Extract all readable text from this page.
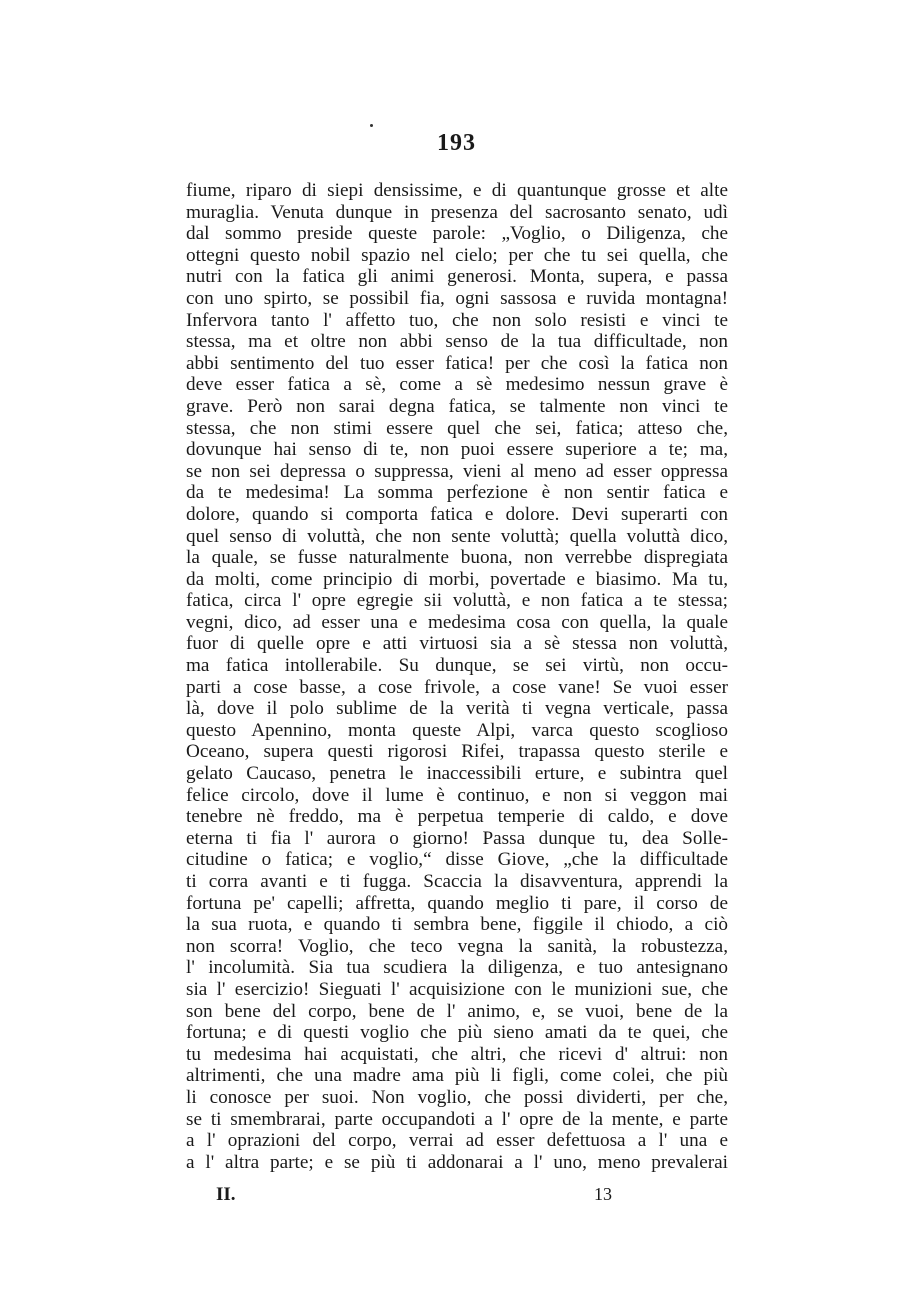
193
fiume, riparo di siepi densissime, e di quantunque grosse et alte
muraglia. Venuta dunque in presenza del sacrosanto senato, udì
dal sommo preside queste parole: „Voglio, o Diligenza, che
ottegni questo nobil spazio nel cielo; per che tu sei quella, che
nutri con la fatica gli animi generosi. Monta, supera, e passa
con uno spirto, se possibil fia, ogni sassosa e ruvida montagna!
Infervora tanto l' affetto tuo, che non solo resisti e vinci te
stessa, ma et oltre non abbi senso de la tua difficultade, non
abbi sentimento del tuo esser fatica! per che così la fatica non
deve esser fatica a sè, come a sè medesimo nessun grave è
grave. Però non sarai degna fatica, se talmente non vinci te
stessa, che non stimi essere quel che sei, fatica; atteso che,
dovunque hai senso di te, non puoi essere superiore a te; ma,
se non sei depressa o suppressa, vieni al meno ad esser oppressa
da te medesima! La somma perfezione è non sentir fatica e
dolore, quando si comporta fatica e dolore. Devi superarti con
quel senso di voluttà, che non sente voluttà; quella voluttà dico,
la quale, se fusse naturalmente buona, non verrebbe dispregiata
da molti, come principio di morbi, povertade e biasimo. Ma tu,
fatica, circa l' opre egregie sii voluttà, e non fatica a te stessa;
vegni, dico, ad esser una e medesima cosa con quella, la quale
fuor di quelle opre e atti virtuosi sia a sè stessa non voluttà,
ma fatica intollerabile. Su dunque, se sei virtù, non occu-
parti a cose basse, a cose frivole, a cose vane! Se vuoi esser
là, dove il polo sublime de la verità ti vegna verticale, passa
questo Apennino, monta queste Alpi, varca questo scoglioso
Oceano, supera questi rigorosi Rifei, trapassa questo sterile e
gelato Caucaso, penetra le inaccessibili erture, e subintra quel
felice circolo, dove il lume è continuo, e non si veggon mai
tenebre nè freddo, ma è perpetua temperie di caldo, e dove
eterna ti fia l' aurora o giorno! Passa dunque tu, dea Solle-
citudine o fatica; e voglio,“ disse Giove, „che la difficultade
ti corra avanti e ti fugga. Scaccia la disavventura, apprendi la
fortuna pe' capelli; affretta, quando meglio ti pare, il corso de
la sua ruota, e quando ti sembra bene, figgile il chiodo, a ciò
non scorra! Voglio, che teco vegna la sanità, la robustezza,
l' incolumità. Sia tua scudiera la diligenza, e tuo antesignano
sia l' esercizio! Sieguati l' acquisizione con le munizioni sue, che
son bene del corpo, bene de l' animo, e, se vuoi, bene de la
fortuna; e di questi voglio che più sieno amati da te quei, che
tu medesima hai acquistati, che altri, che ricevi d' altrui: non
altrimenti, che una madre ama più li figli, come colei, che più
li conosce per suoi. Non voglio, che possi dividerti, per che,
se ti smembrarai, parte occupandoti a l' opre de la mente, e parte
a l' oprazioni del corpo, verrai ad esser defettuosa a l' una e
a l' altra parte; e se più ti addonarai a l' uno, meno prevalerai
II.	13
